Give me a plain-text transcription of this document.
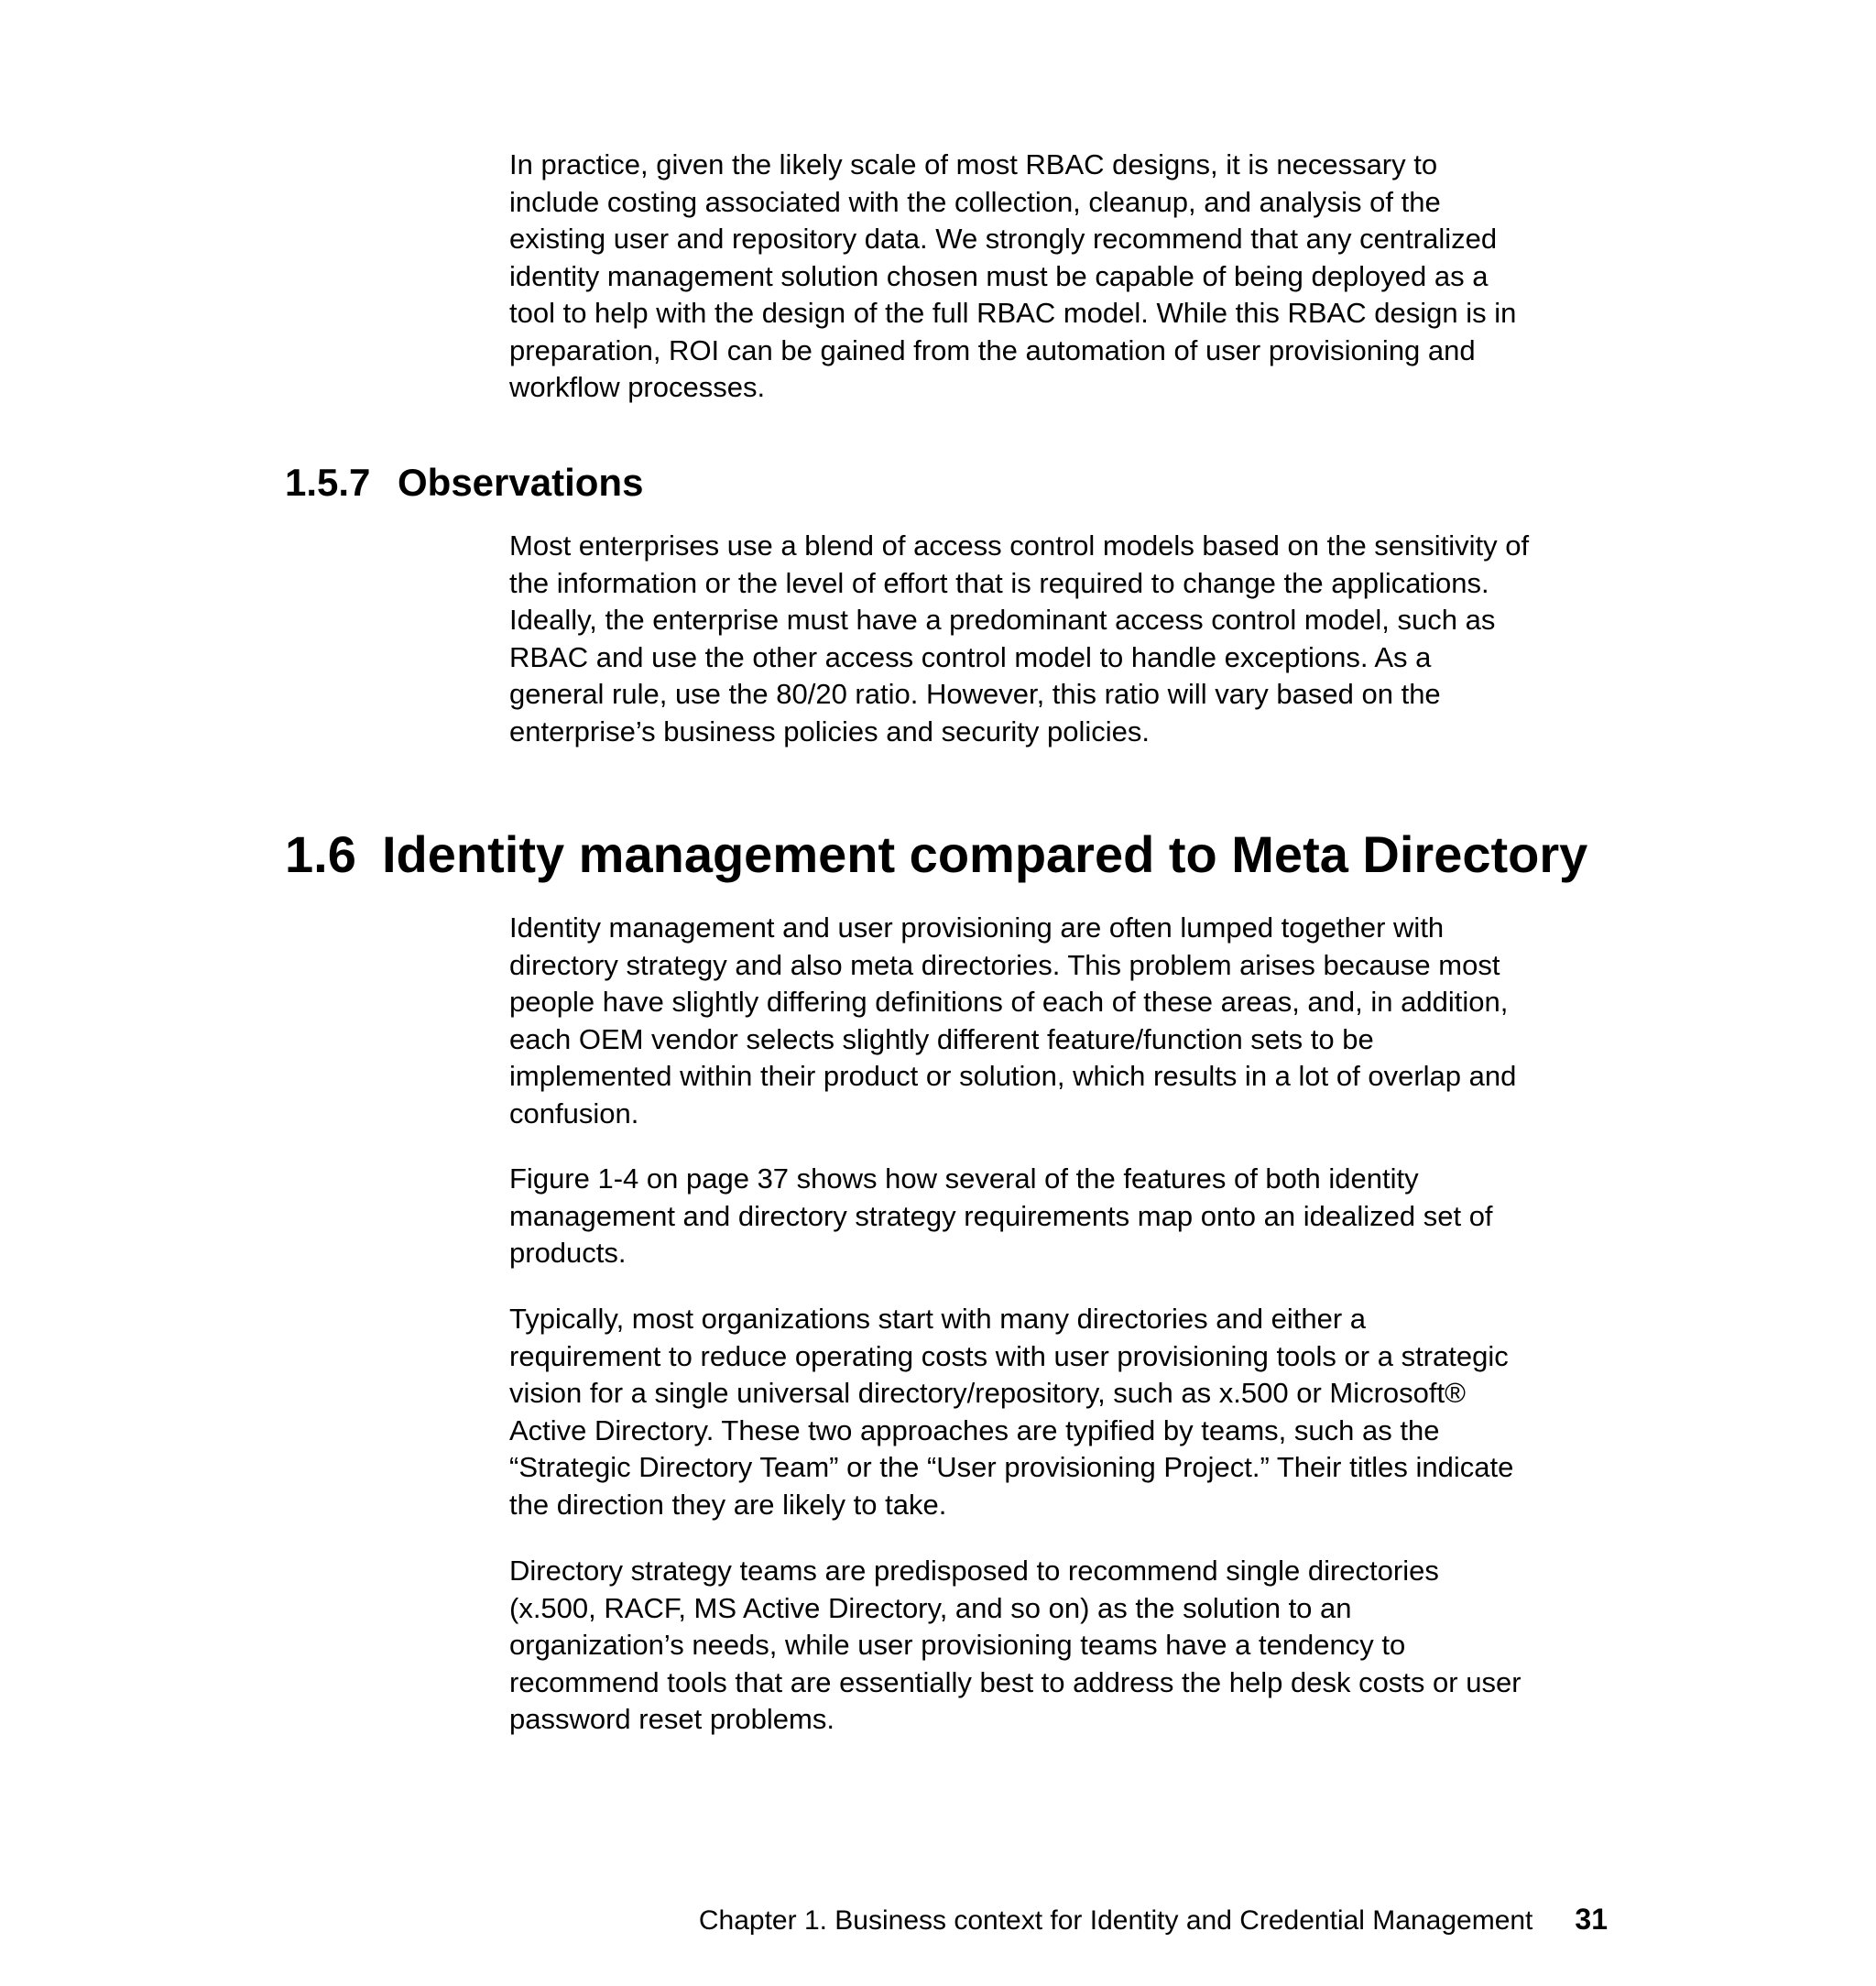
In practice, given the likely scale of most RBAC designs, it is necessary to
include costing associated with the collection, cleanup, and analysis of the
existing user and repository data. We strongly recommend that any centralized
identity management solution chosen must be capable of being deployed as a
tool to help with the design of the full RBAC model. While this RBAC design is in
preparation, ROI can be gained from the automation of user provisioning and
workflow processes.

1.5.7 Observations

Most enterprises use a blend of access control models based on the sensitivity of
the information or the level of effort that is required to change the applications.
Ideally, the enterprise must have a predominant access control model, such as
RBAC and use the other access control model to handle exceptions. As a
general rule, use the 80/20 ratio. However, this ratio will vary based on the
enterprise’s business policies and security policies.

1.6 Identity management compared to Meta Directory

Identity management and user provisioning are often lumped together with
directory strategy and also meta directories. This problem arises because most
people have slightly differing definitions of each of these areas, and, in addition,
each OEM vendor selects slightly different feature/function sets to be
implemented within their product or solution, which results in a lot of overlap and
confusion.

Figure 1-4 on page 37 shows how several of the features of both identity
management and directory strategy requirements map onto an idealized set of
products.

Typically, most organizations start with many directories and either a
requirement to reduce operating costs with user provisioning tools or a strategic
vision for a single universal directory/repository, such as x.500 or Microsoft®
Active Directory. These two approaches are typified by teams, such as the
“Strategic Directory Team” or the “User provisioning Project.” Their titles indicate
the direction they are likely to take.

Directory strategy teams are predisposed to recommend single directories
(x.500, RACF, MS Active Directory, and so on) as the solution to an
organization’s needs, while user provisioning teams have a tendency to
recommend tools that are essentially best to address the help desk costs or user
password reset problems.

Chapter 1. Business context for Identity and Credential Management 31
